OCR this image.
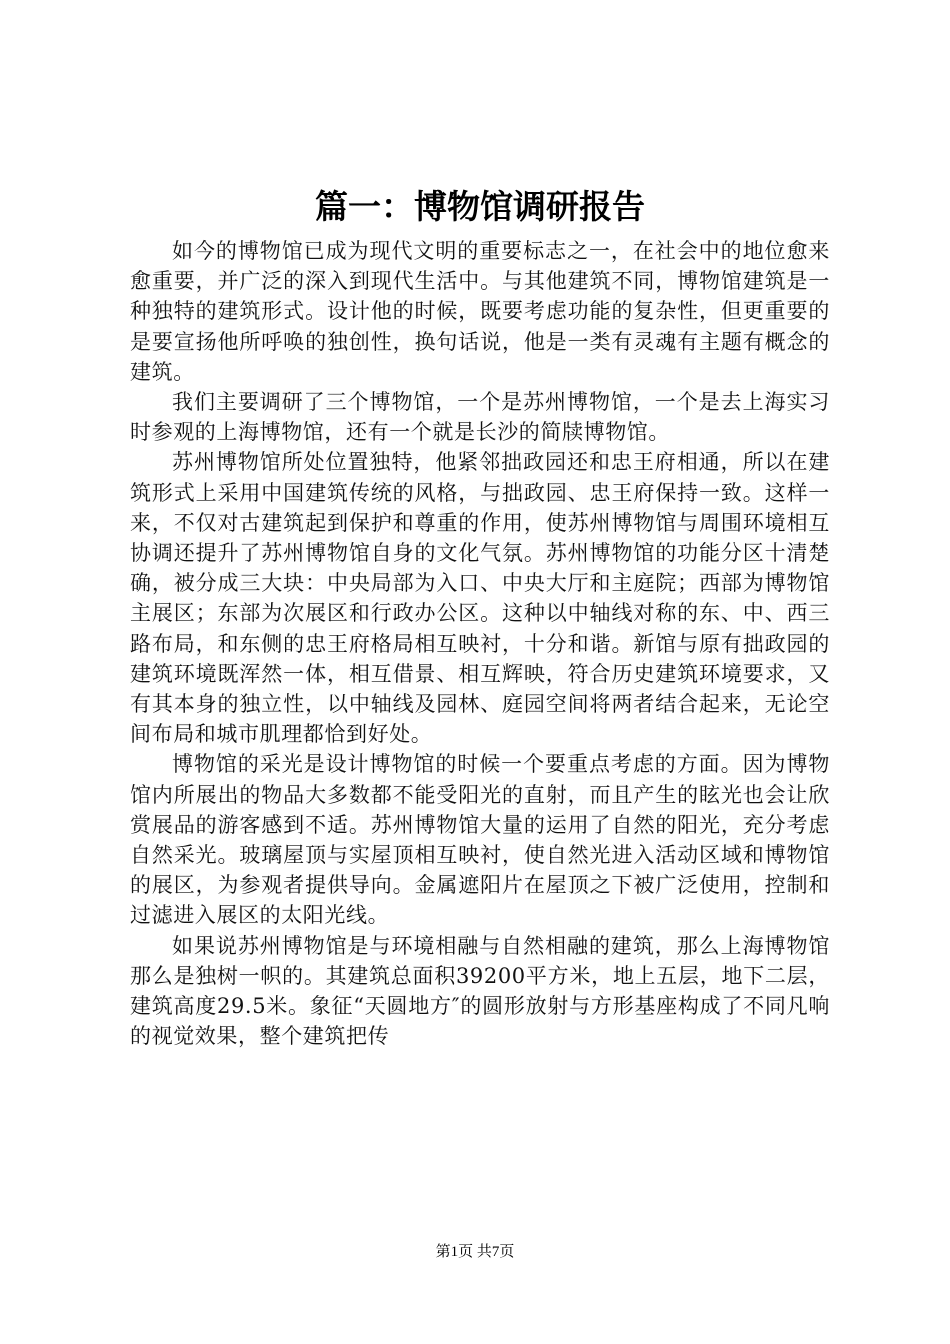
篇一：博物馆调研报告

如今的博物馆已成为现代文明的重要标志之一，在社会中的地位愈来愈重要，并广泛的深入到现代生活中。与其他建筑不同，博物馆建筑是一种独特的建筑形式。设计他的时候，既要考虑功能的复杂性，但更重要的是要宣扬他所呼唤的独创性，换句话说，他是一类有灵魂有主题有概念的建筑。

我们主要调研了三个博物馆，一个是苏州博物馆，一个是去上海实习时参观的上海博物馆，还有一个就是长沙的简牍博物馆。

苏州博物馆所处位置独特，他紧邻拙政园还和忠王府相通，所以在建筑形式上采用中国建筑传统的风格，与拙政园、忠王府保持一致。这样一来，不仅对古建筑起到保护和尊重的作用，使苏州博物馆与周围环境相互协调还提升了苏州博物馆自身的文化气氛。苏州博物馆的功能分区十清楚确，被分成三大块：中央局部为入口、中央大厅和主庭院；西部为博物馆主展区；东部为次展区和行政办公区。这种以中轴线对称的东、中、西三路布局，和东侧的忠王府格局相互映衬，十分和谐。新馆与原有拙政园的建筑环境既浑然一体，相互借景、相互辉映，符合历史建筑环境要求，又有其本身的独立性，以中轴线及园林、庭园空间将两者结合起来，无论空间布局和城市肌理都恰到好处。

博物馆的采光是设计博物馆的时候一个要重点考虑的方面。因为博物馆内所展出的物品大多数都不能受阳光的直射，而且产生的眩光也会让欣赏展品的游客感到不适。苏州博物馆大量的运用了自然的阳光，充分考虑自然采光。玻璃屋顶与实屋顶相互映衬，使自然光进入活动区域和博物馆的展区，为参观者提供导向。金属遮阳片在屋顶之下被广泛使用，控制和过滤进入展区的太阳光线。

如果说苏州博物馆是与环境相融与自然相融的建筑，那么上海博物馆那么是独树一帜的。其建筑总面积39200平方米，地上五层，地下二层，建筑高度29.5米。象征“天圆地方″的圆形放射与方形基座构成了不同凡响的视觉效果，整个建筑把传

第1页 共7页
